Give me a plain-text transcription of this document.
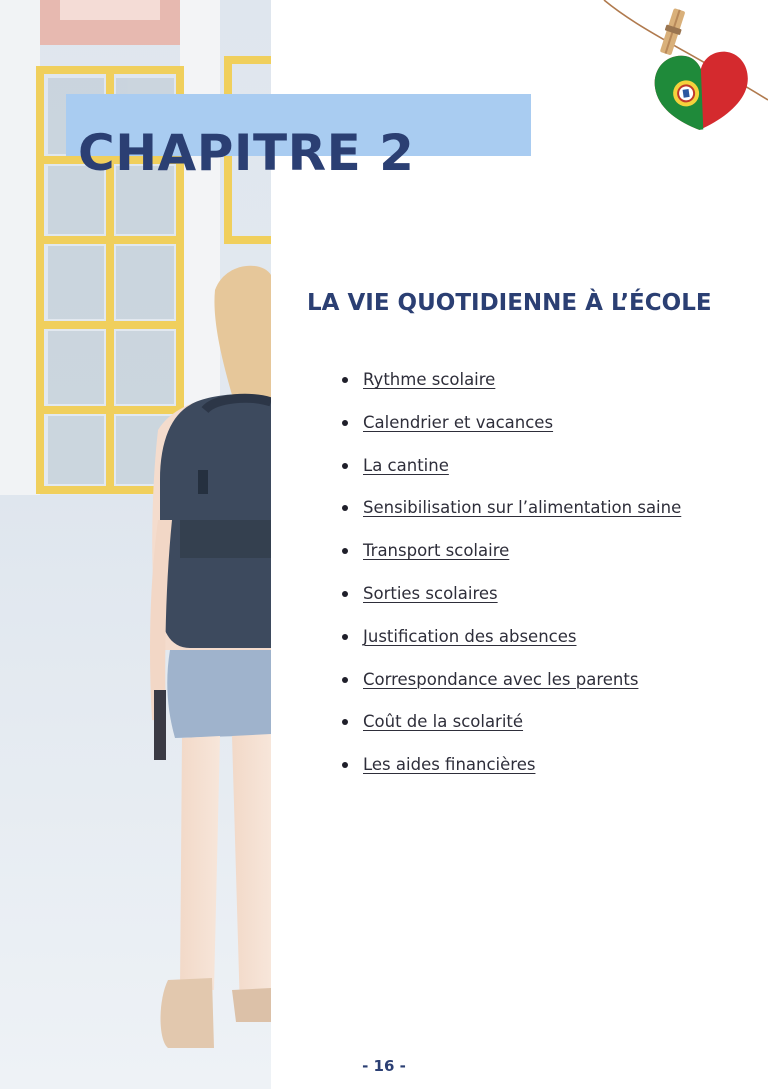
CHAPITRE 2
LA VIE QUOTIDIENNE À L’ÉCOLE
Rythme scolaire
Calendrier et vacances
La cantine
Sensibilisation sur l’alimentation saine
Transport scolaire
Sorties scolaires
Justification des absences
Correspondance avec les parents
Coût de la scolarité
Les aides financières
- 16 -
